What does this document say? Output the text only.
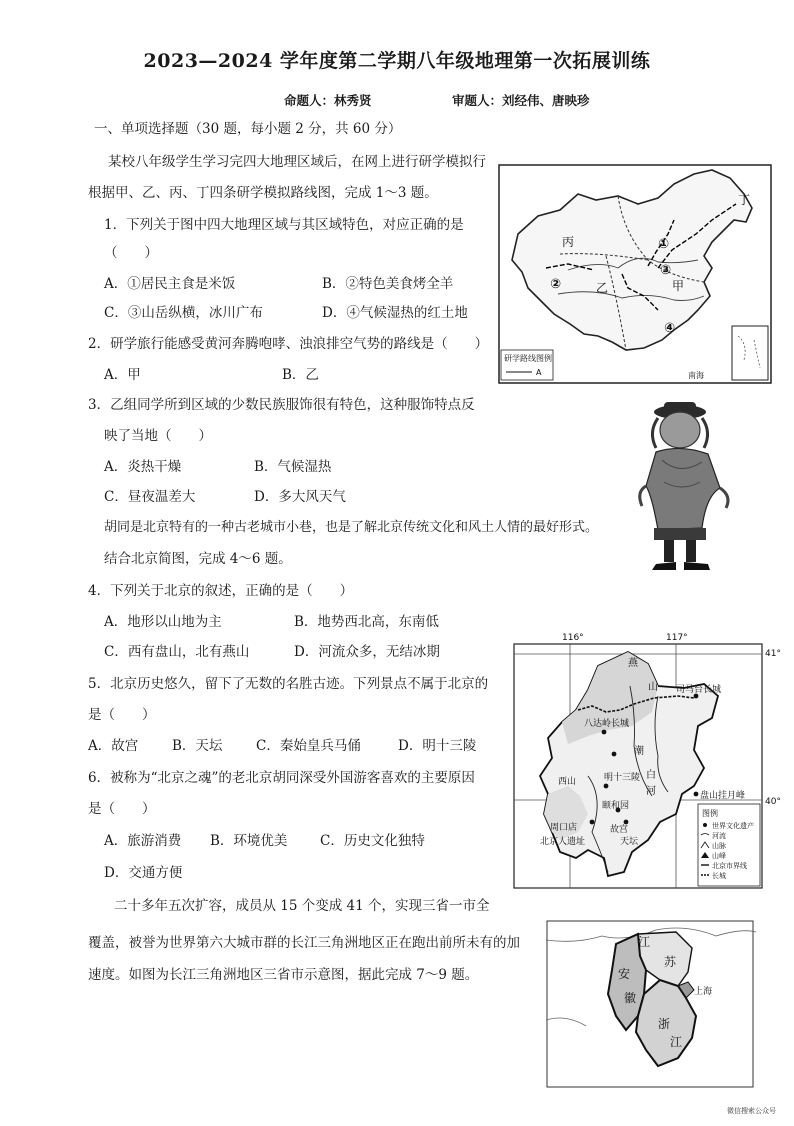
2023—2024 学年度第二学期八年级地理第一次拓展训练
命题人：林秀贤	审题人：刘经伟、唐映珍
一、单项选择题（30 题，每小题 2 分，共 60 分）
某校八年级学生学习完四大地理区域后，在网上进行研学模拟行
根据甲、乙、丙、丁四条研学模拟路线图，完成 1～3 题。
1．下列关于图中四大地理区域与其区域特色，对应正确的是
（　　）
A．①居民主食是米饭	B．②特色美食烤全羊
C．③山岳纵横，冰川广布	D．④气候湿热的红土地
2．研学旅行能感受黄河奔腾咆哮、浊浪排空气势的路线是（　　）
A．甲	B．乙
3．乙组同学所到区域的少数民族服饰很有特色，这种服饰特点反
映了当地（　　）
A．炎热干燥	B．气候湿热
C．昼夜温差大	D．多大风天气
胡同是北京特有的一种古老城市小巷，也是了解北京传统文化和风土人情的最好形式。
结合北京简图，完成 4～6 题。
4．下列关于北京的叙述，正确的是（　　）
A．地形以山地为主	B．地势西北高，东南低
C．西有盘山，北有燕山	D．河流众多，无结冰期
5．北京历史悠久，留下了无数的名胜古迹。下列景点不属于北京的
是（　　）
A．故宫	B．天坛 C．秦始皇兵马俑	D．明十三陵
6．被称为“北京之魂”的老北京胡同深受外国游客喜欢的主要原因
是（　　）
A．旅游消费 B．环境优美 C．历史文化独特
D．交通方便
二十多年五次扩容，成员从 15 个变成 41 个，实现三省一市全
覆盖，被誉为世界第六大城市群的长江三角洲地区正在跑出前所未有的加
速度。如图为长江三角洲地区三省市示意图，据此完成 7～9 题。
①
②
③
④
丁
丙
甲
乙
南海
研学路线图例
A
116°	117°
41°
40°
燕
山 司马台长城
八达岭长城
明十三陵
潮
白
河
颐和园
故宫
天坛
周口店
北京人遗址
盘山挂月峰
西山
图例
世界文化遗产
河流
山脉
山峰
北京市界线
长城
江
苏
安
徽	上海
浙
江
微信搜索公众号
